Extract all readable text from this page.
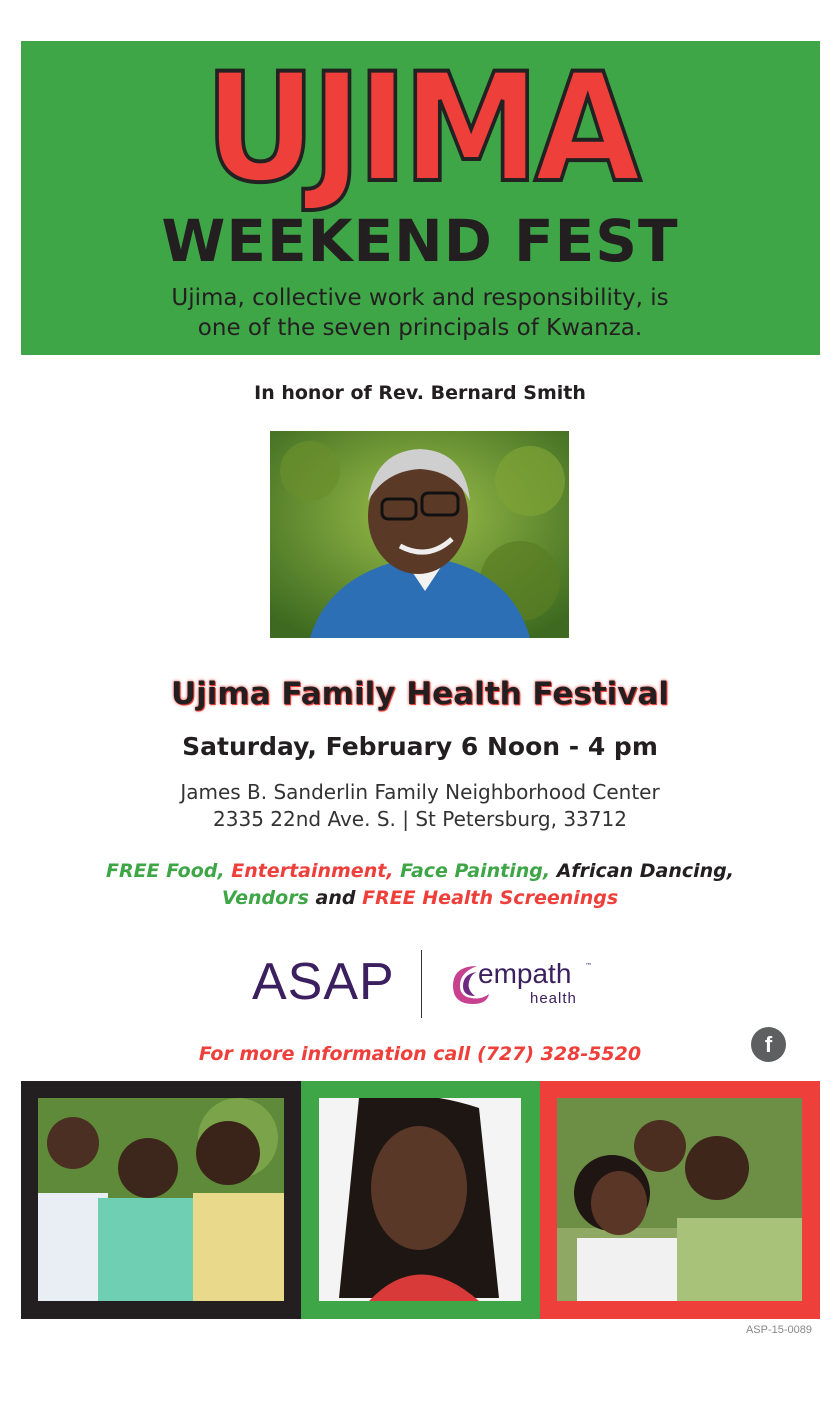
UJIMA
WEEKEND FEST
Ujima, collective work and responsibility, is
one of the seven principals of Kwanza.
In honor of Rev. Bernard Smith
Ujima Family Health Festival
Saturday, February 6 Noon - 4 pm
James B. Sanderlin Family Neighborhood Center
2335 22nd Ave. S. | St Petersburg, 33712
FREE Food, Entertainment, Face Painting, African Dancing,
Vendors and FREE Health Screenings
ASAP	empath ™
health
f
For more information call (727) 328-5520
ASP-15-0089
